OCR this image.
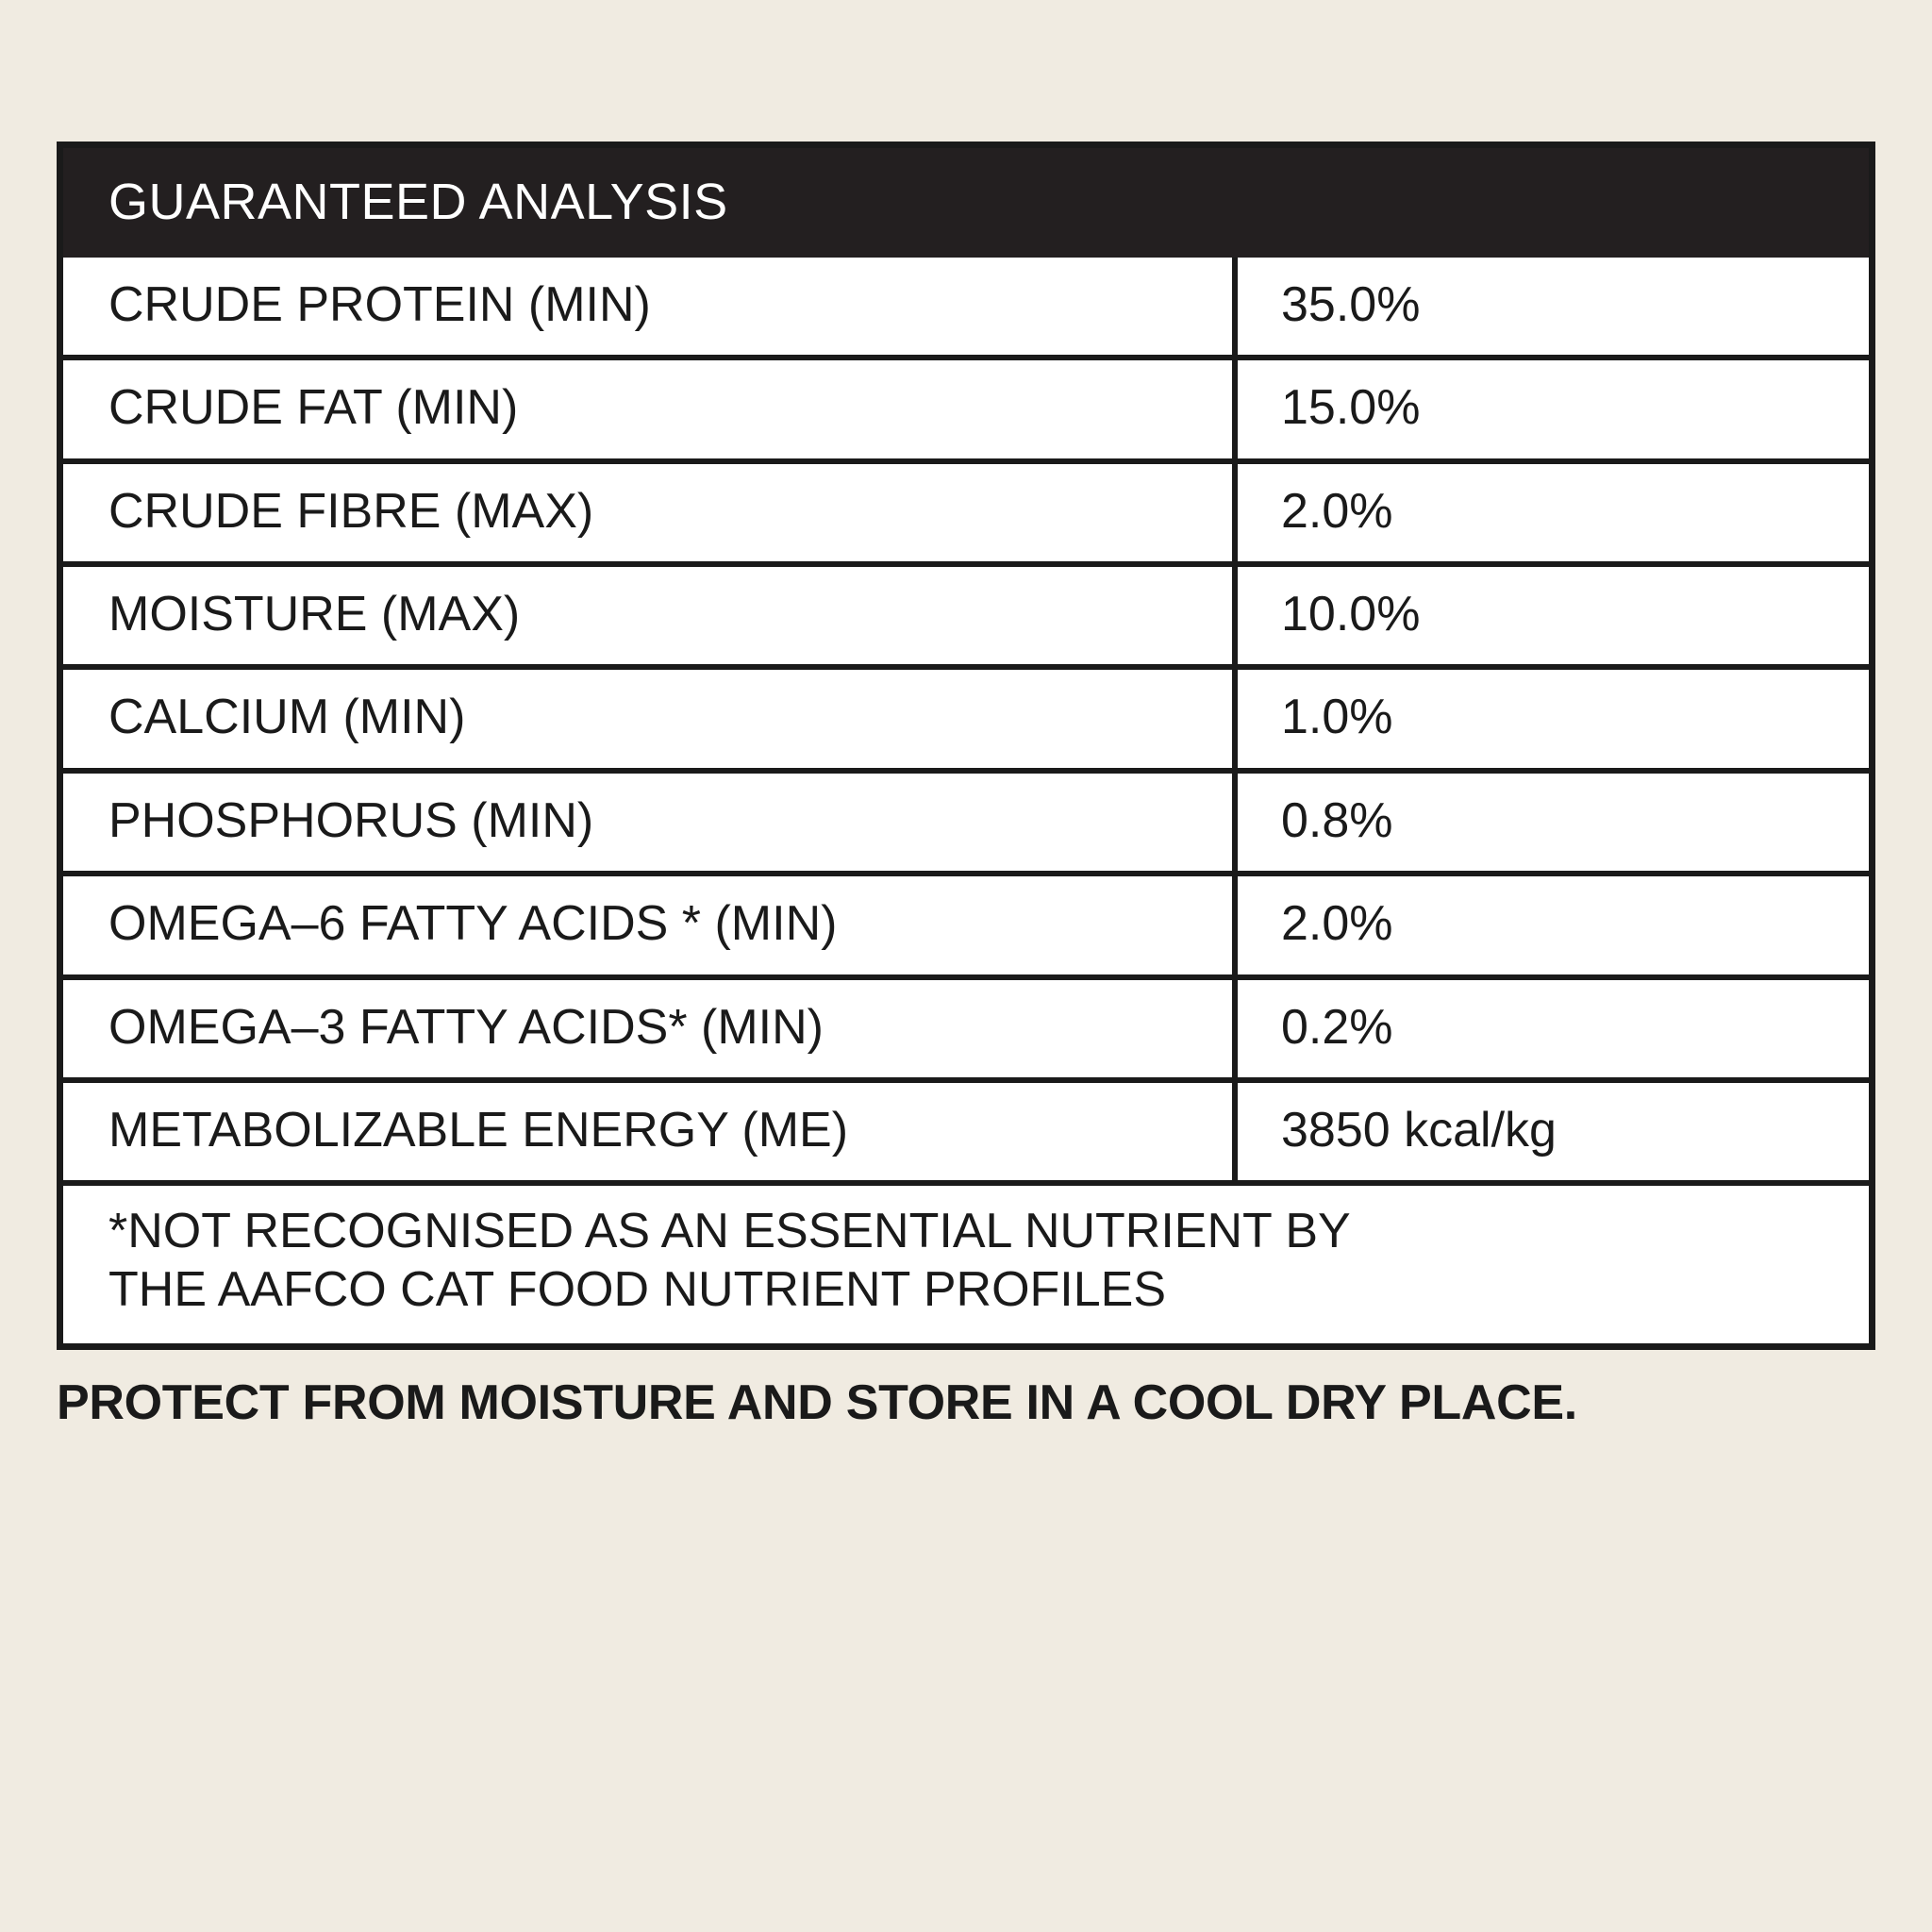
GUARANTEED ANALYSIS
CRUDE PROTEIN (MIN)	35.0%
CRUDE FAT (MIN)	15.0%
CRUDE FIBRE (MAX)	2.0%
MOISTURE (MAX)	10.0%
CALCIUM (MIN)	1.0%
PHOSPHORUS (MIN)	0.8%
OMEGA–6 FATTY ACIDS * (MIN)	2.0%
OMEGA–3 FATTY ACIDS* (MIN)	0.2%
METABOLIZABLE ENERGY (ME)	3850 kcal/kg
*NOT RECOGNISED AS AN ESSENTIAL NUTRIENT BY
THE AAFCO CAT FOOD NUTRIENT PROFILES
PROTECT FROM MOISTURE AND STORE IN A COOL DRY PLACE.
